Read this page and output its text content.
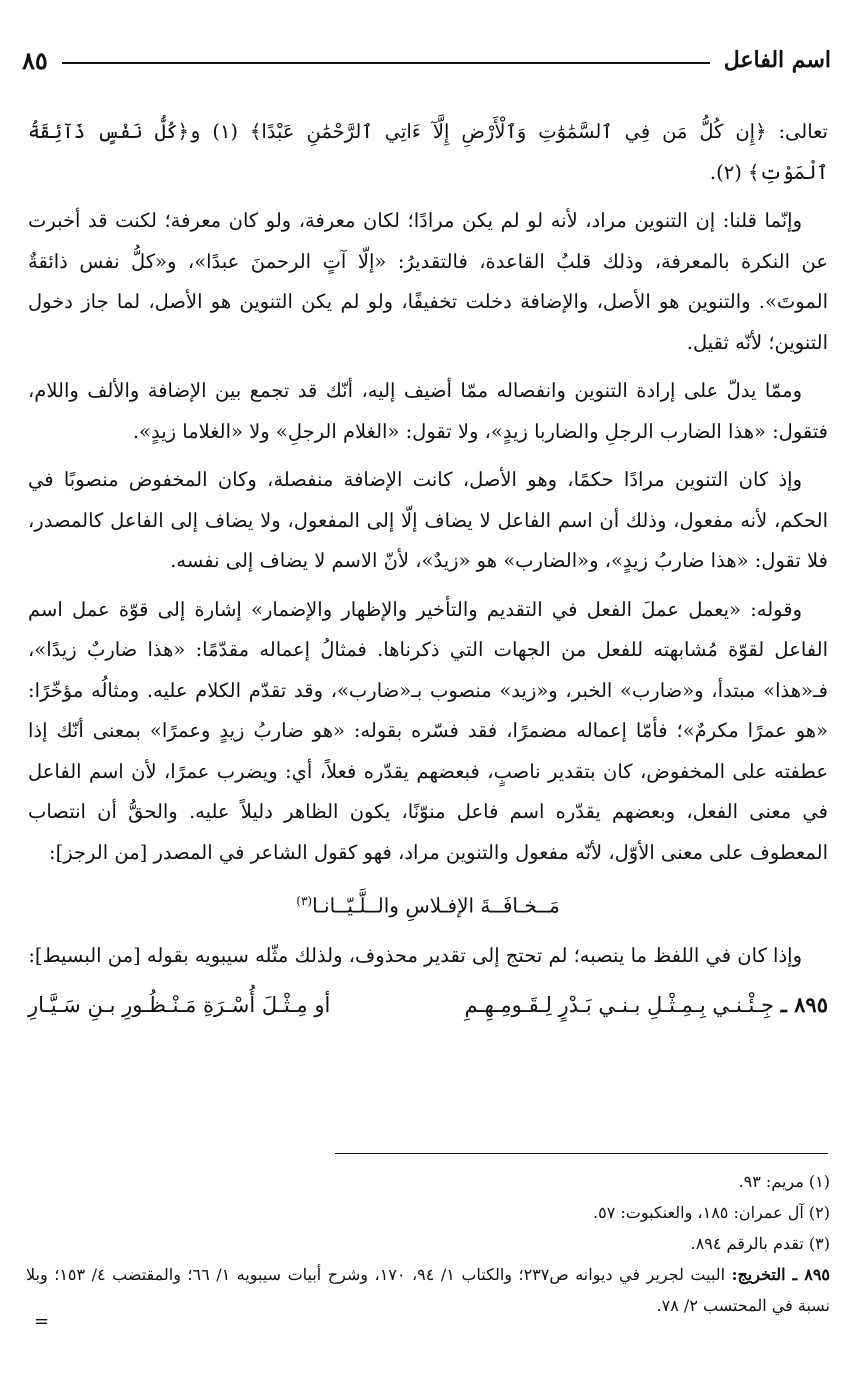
اسم الفاعل
٨٥

تعالى: ﴿إِن كُلُّ مَن فِي ٱلسَّمَٰوَٰتِ وَٱلْأَرْضِ إِلَّآ ءَاتِي ٱلرَّحْمَٰنِ عَبْدًا﴾ (١) و﴿كُلُّ نَفْسٍ ذَآئِقَةُ ٱلْمَوْتِ﴾ (٢).

وإنّما قلنا: إن التنوين مراد، لأنه لو لم يكن مرادًا؛ لكان معرفة، ولو كان معرفة؛ لكنت قد أخبرت عن النكرة بالمعرفة، وذلك قلبُ القاعدة، فالتقديرُ: «إلّا آتٍ الرحمنَ عبدًا»، و«كلُّ نفس ذائقةٌ الموتَ». والتنوين هو الأصل، والإضافة دخلت تخفيفًا، ولو لم يكن التنوين هو الأصل، لما جاز دخول التنوين؛ لأنّه ثقيل.

وممّا يدلّ على إرادة التنوين وانفصاله ممّا أضيف إليه، أنّك قد تجمع بين الإضافة والألف واللام، فتقول: «هذا الضارب الرجلِ والضاربا زيدٍ»، ولا تقول: «الغلام الرجلِ» ولا «الغلاما زيدٍ».

وإذ كان التنوين مرادًا حكمًا، وهو الأصل، كانت الإضافة منفصلة، وكان المخفوض منصوبًا في الحكم، لأنه مفعول، وذلك أن اسم الفاعل لا يضاف إلّا إلى المفعول، ولا يضاف إلى الفاعل كالمصدر، فلا تقول: «هذا ضاربُ زيدٍ»، و«الضارب» هو «زيدٌ»، لأنّ الاسم لا يضاف إلى نفسه.

وقوله: «يعمل عملَ الفعل في التقديم والتأخير والإظهار والإضمار» إشارة إلى قوّة عمل اسم الفاعل لقوّة مُشابهته للفعل من الجهات التي ذكرناها. فمثالُ إعماله مقدّمًا: «هذا ضاربٌ زيدًا»، فـ«هذا» مبتدأ، و«ضارب» الخبر، و«زيد» منصوب بـ«ضارب»، وقد تقدّم الكلام عليه. ومثالُه مؤخّرًا: «هو عمرًا مكرمٌ»؛ فأمّا إعماله مضمرًا، فقد فسّره بقوله: «هو ضاربُ زيدٍ وعمرًا» بمعنى أنّك إذا عطفته على المخفوض، كان بتقدير ناصبٍ، فبعضهم يقدّره فعلاً، أي: ويضرب عمرًا، لأن اسم الفاعل في معنى الفعل، وبعضهم يقدّره اسم فاعل منوّنًا، يكون الظاهر دليلاً عليه. والحقُّ أن انتصاب المعطوف على معنى الأوّل، لأنّه مفعول والتنوين مراد، فهو كقول الشاعر في المصدر [من الرجز]:

مَــخـافَــةَ الإفـلاسِ والــلَّـيّــانـا$^{(٣)}$

وإذا كان في اللفظ ما ينصبه؛ لم تحتج إلى تقدير محذوف، ولذلك مثّله سيبويه بقوله [من البسيط]:

٨٩٥ ـ جِـئْـنـي بِـمِـثْـلِ بـنـي بَـدْرٍ لِـقَـومِـهِـمِ
أو مِـثْـلَ أُسْـرَةِ مَـنْـظُـورِ بـنِ سَـيَّـارِ
(١) مريم: ٩٣.
(٢) آل عمران: ١٨٥، والعنكبوت: ٥٧.
(٣) تقدم بالرقم ٨٩٤.
٨٩٥ ـ التخريج: البيت لجرير في ديوانه ص٢٣٧؛ والكتاب ١/ ٩٤، ١٧٠، وشرح أبيات سيبويه ١/ ٦٦؛ والمقتضب ٤/ ١٥٣؛ وبلا نسبة في المحتسب ٢/ ٧٨.
=
